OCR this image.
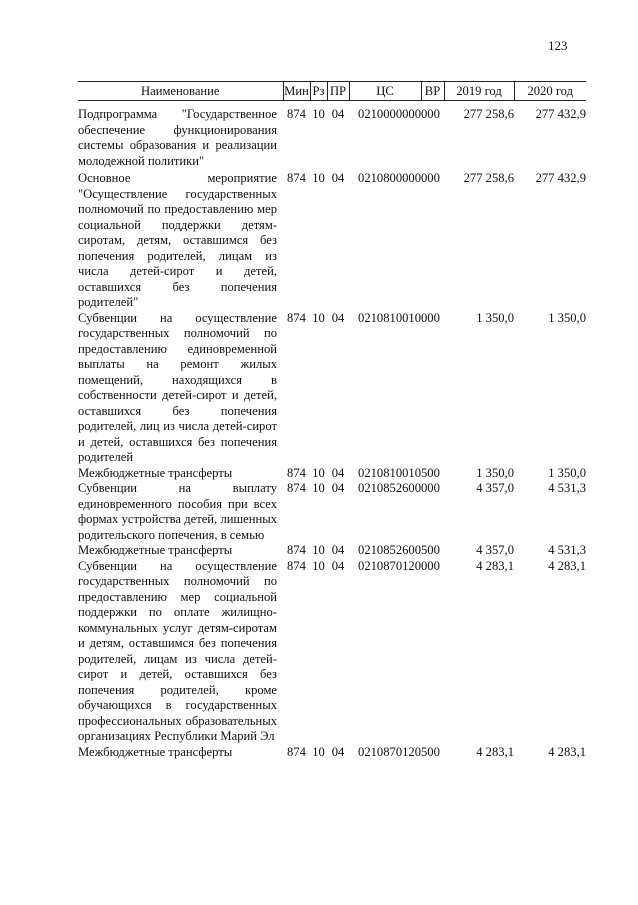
123
Наименование	Мин	Рз	ПР	ЦС	ВР	2019 год	2020 год
Подпрограмма "Государственное обеспечение функционирования системы образования и реализации молодежной политики"	874	10	04	0210000000	000	277 258,6	277 432,9
Основное мероприятие "Осуществление государственных полномочий по предоставлению мер социальной поддержки детям-сиротам, детям, оставшимся без попечения родителей, лицам из числа детей-сирот и детей, оставшихся без попечения родителей"	874	10	04	0210800000	000	277 258,6	277 432,9
Субвенции на осуществление государственных полномочий по предоставлению единовременной выплаты на ремонт жилых помещений, находящихся в собственности детей-сирот и детей, оставшихся без попечения родителей, лиц из числа детей-сирот и детей, оставшихся без попечения родителей	874	10	04	0210810010	000	1 350,0	1 350,0
Межбюджетные трансферты	874	10	04	0210810010	500	1 350,0	1 350,0
Субвенции на выплату единовременного пособия при всех формах устройства детей, лишенных родительского попечения, в семью	874	10	04	0210852600	000	4 357,0	4 531,3
Межбюджетные трансферты	874	10	04	0210852600	500	4 357,0	4 531,3
Субвенции на осуществление государственных полномочий по предоставлению мер социальной поддержки по оплате жилищно-коммунальных услуг детям-сиротам и детям, оставшимся без попечения родителей, лицам из числа детей-сирот и детей, оставшихся без попечения родителей, кроме обучающихся в государственных профессиональных образовательных организациях Республики Марий Эл	874	10	04	0210870120	000	4 283,1	4 283,1
Межбюджетные трансферты	874	10	04	0210870120	500	4 283,1	4 283,1
